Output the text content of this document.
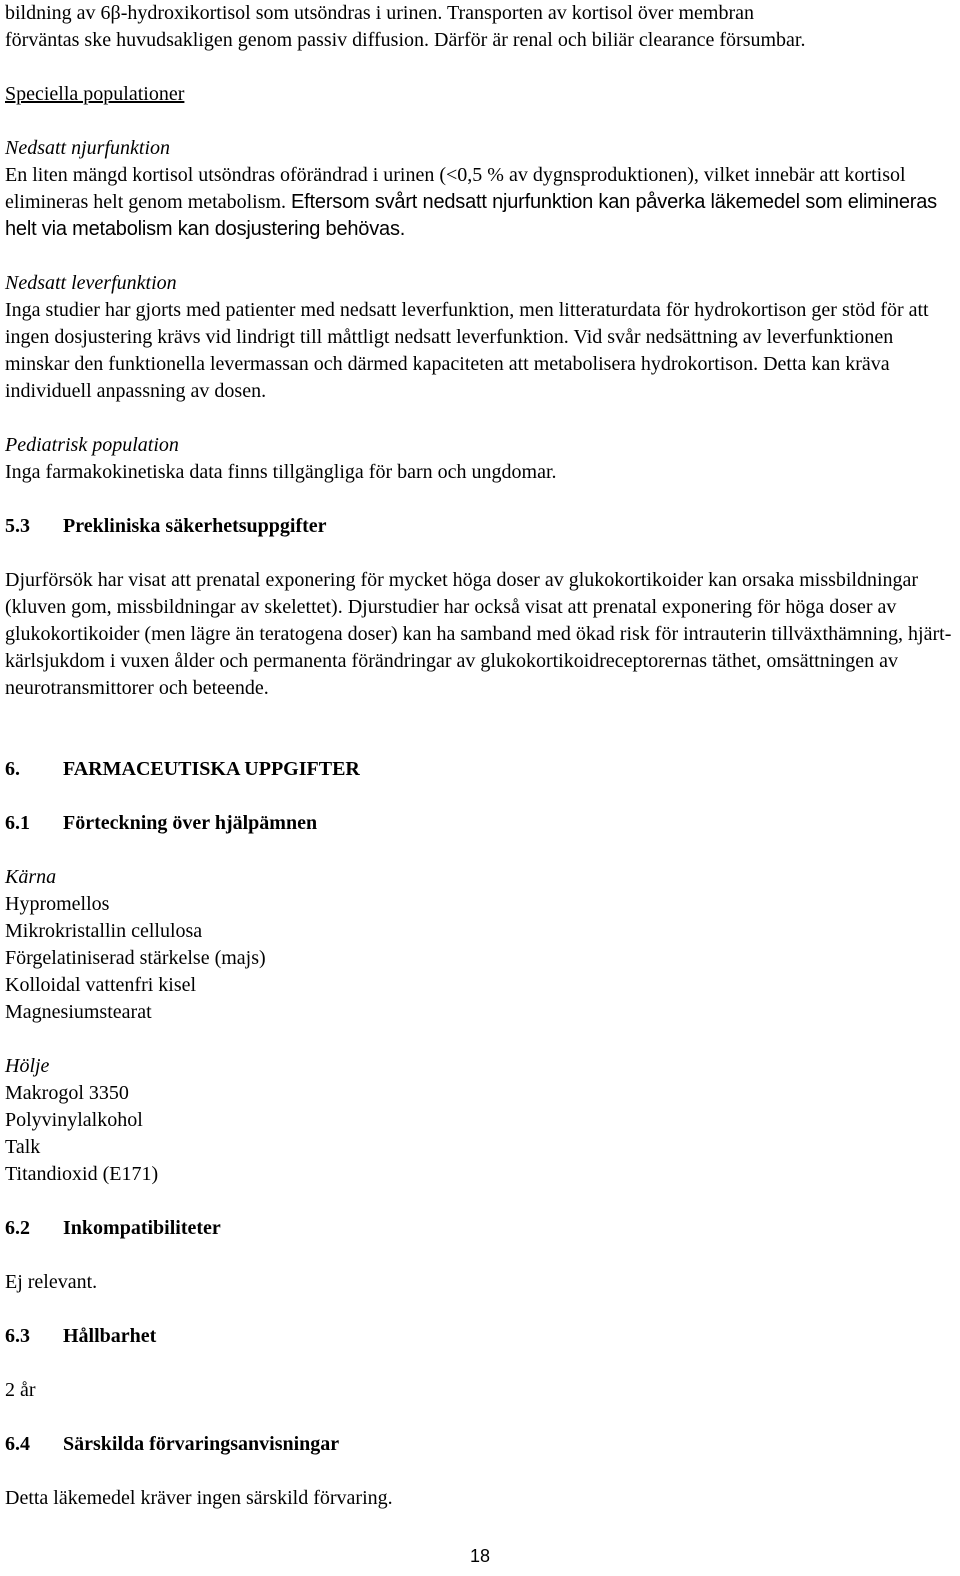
bildning av 6β-hydroxikortisol som utsöndras i urinen. Transporten av kortisol över membran

förväntas ske huvudsakligen genom passiv diffusion. Därför är renal och biliär clearance försumbar.

Speciella populationer

Nedsatt njurfunktion

En liten mängd kortisol utsöndras oförändrad i urinen (<0,5 % av dygnsproduktionen), vilket innebär att kortisol elimineras helt genom metabolism. Eftersom svårt nedsatt njurfunktion kan påverka läkemedel som elimineras helt via metabolism kan dosjustering behövas.

Nedsatt leverfunktion

Inga studier har gjorts med patienter med nedsatt leverfunktion, men litteraturdata för hydrokortison ger stöd för att ingen dosjustering krävs vid lindrigt till måttligt nedsatt leverfunktion. Vid svår nedsättning av leverfunktionen minskar den funktionella levermassan och därmed kapaciteten att metabolisera hydrokortison. Detta kan kräva individuell anpassning av dosen.

Pediatrisk population

Inga farmakokinetiska data finns tillgängliga för barn och ungdomar.

5.3	Prekliniska säkerhetsuppgifter

Djurförsök har visat att prenatal exponering för mycket höga doser av glukokortikoider kan orsaka missbildningar (kluven gom, missbildningar av skelettet). Djurstudier har också visat att prenatal exponering för höga doser av glukokortikoider (men lägre än teratogena doser) kan ha samband med ökad risk för intrauterin tillväxthämning, hjärt-kärlsjukdom i vuxen ålder och permanenta förändringar av glukokortikoidreceptorernas täthet, omsättningen av neurotransmittorer och beteende.

6.	FARMACEUTISKA UPPGIFTER
6.1	Förteckning över hjälpämnen

Kärna

Hypromellos

Mikrokristallin cellulosa

Förgelatiniserad stärkelse (majs)

Kolloidal vattenfri kisel

Magnesiumstearat

Hölje

Makrogol 3350

Polyvinylalkohol

Talk

Titandioxid (E171)

6.2	Inkompatibiliteter

Ej relevant.

6.3	Hållbarhet

2 år

6.4	Särskilda förvaringsanvisningar

Detta läkemedel kräver ingen särskild förvaring.

18
